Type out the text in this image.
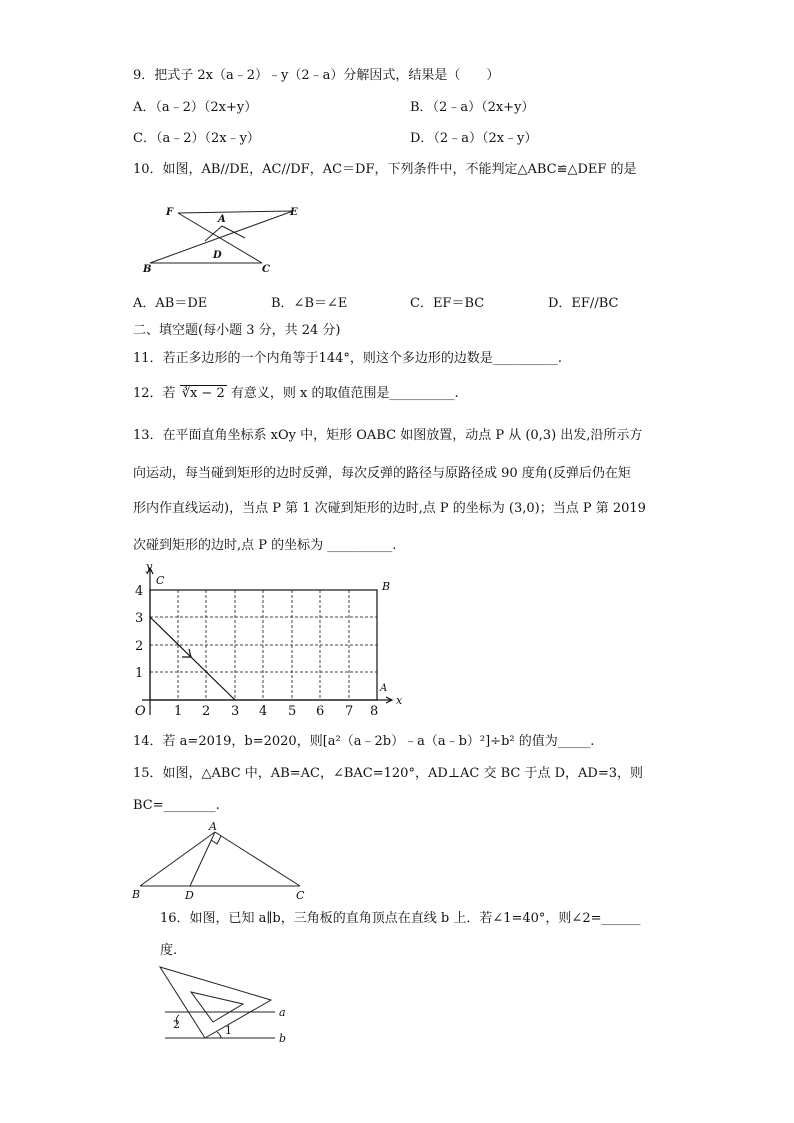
9．把式子 2x（a﹣2）﹣y（2﹣a）分解因式，结果是（　　）
A．（a﹣2）（2x+y）	B．（2﹣a）（2x+y）
C．（a﹣2）（2x﹣y）	D．（2﹣a）（2x﹣y）
10．如图，AB//DE，AC//DF，AC＝DF，下列条件中，不能判定△ABC≌△DEF 的是
F
A
E
D
B	C
A．AB＝DE	B．∠B＝∠E	C．EF＝BC	D．EF//BC
二、填空题(每小题 3 分，共 24 分)
11．若正多边形的一个内角等于144°，则这个多边形的边数是__________.
12．若 ∛x − 2 有意义，则 x 的取值范围是__________.
13．在平面直角坐标系 xOy 中，矩形 OABC 如图放置，动点 P 从 (0,3) 出发,沿所示方
向运动，每当碰到矩形的边时反弹，每次反弹的路径与原路径成 90 度角(反弹后仍在矩
形内作直线运动)，当点 P 第 1 次碰到矩形的边时,点 P 的坐标为 (3,0)；当点 P 第 2019
次碰到矩形的边时,点 P 的坐标为 __________.
y
x
C	B
A
O 1 2 3 4 5 6 7 8
1
2
3
4
14．若 a=2019，b=2020，则[a²（a﹣2b）﹣a（a﹣b）²]÷b² 的值为_____.
15．如图，△ABC 中，AB=AC，∠BAC=120°，AD⊥AC 交 BC 于点 D，AD=3，则
BC=________.
A
B	D	C
16．如图，已知 a∥b，三角板的直角顶点在直线 b 上．若∠1=40°，则∠2=______
度.
a
b
1
2
